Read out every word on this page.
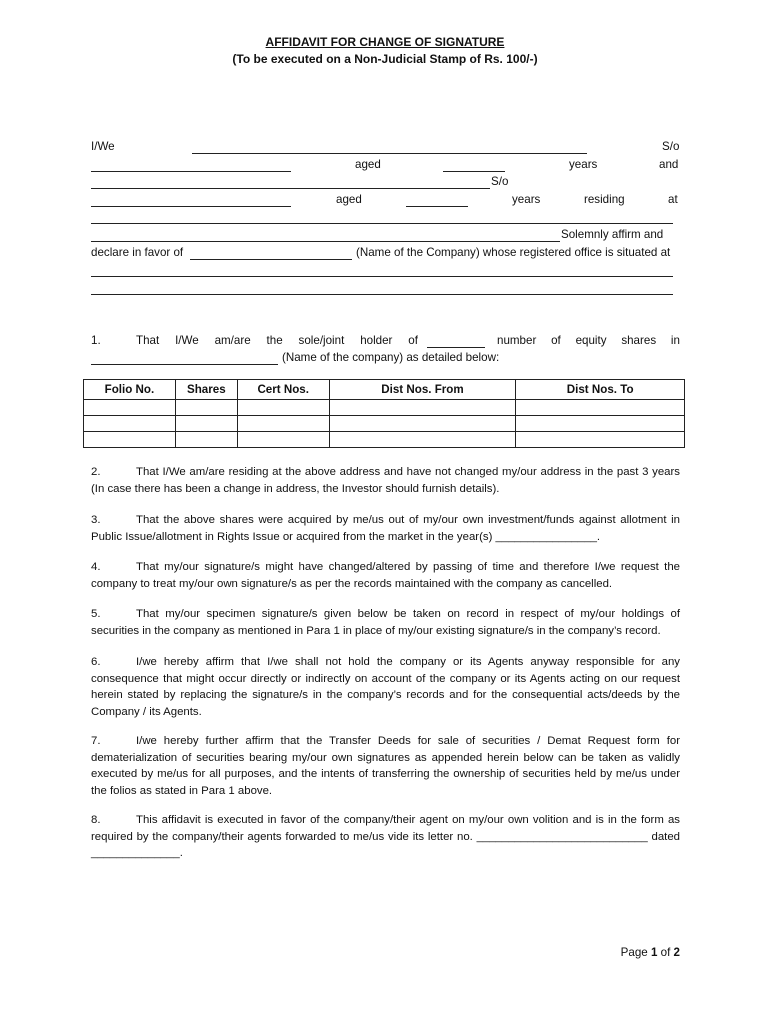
AFFIDAVIT FOR CHANGE OF SIGNATURE
(To be executed on a Non-Judicial Stamp of Rs. 100/-)
I/We	S/o
aged	years	and
S/o
aged	years	residing	at
Solemnly affirm and
declare in favor of	(Name of the Company) whose registered office is situated at
1.	That I/We am/are the sole/joint holder of	number of equity shares in
(Name of the company) as detailed below:
Folio No.	Shares	Cert Nos.	Dist Nos. From	Dist Nos. To

2.	That I/We am/are residing at the above address and have not changed my/our address in the past 3 years (In case there has been a change in address, the Investor should furnish details).
3.	That the above shares were acquired by me/us out of my/our own investment/funds against allotment in Public Issue/allotment in Rights Issue or acquired from the market in the year(s) ________________.
4.	That my/our signature/s might have changed/altered by passing of time and therefore I/we request the company to treat my/our own signature/s as per the records maintained with the company as cancelled.
5.	That my/our specimen signature/s given below be taken on record in respect of my/our holdings of securities in the company as mentioned in Para 1 in place of my/our existing signature/s in the company’s record.
6.	I/we hereby affirm that I/we shall not hold the company or its Agents anyway responsible for any consequence that might occur directly or indirectly on account of the company or its Agents acting on our request herein stated by replacing the signature/s in the company’s records and for the consequential acts/deeds by the Company / its Agents.
7.	I/we hereby further affirm that the Transfer Deeds for sale of securities / Demat Request form for dematerialization of securities bearing my/our own signatures as appended herein below can be taken as validly executed by me/us for all purposes, and the intents of transferring the ownership of securities held by me/us under the folios as stated in Para 1 above.
8.	This affidavit is executed in favor of the company/their agent on my/our own volition and is in the form as required by the company/their agents forwarded to me/us vide its letter no. ___________________________ dated ______________.
Page 1 of 2
